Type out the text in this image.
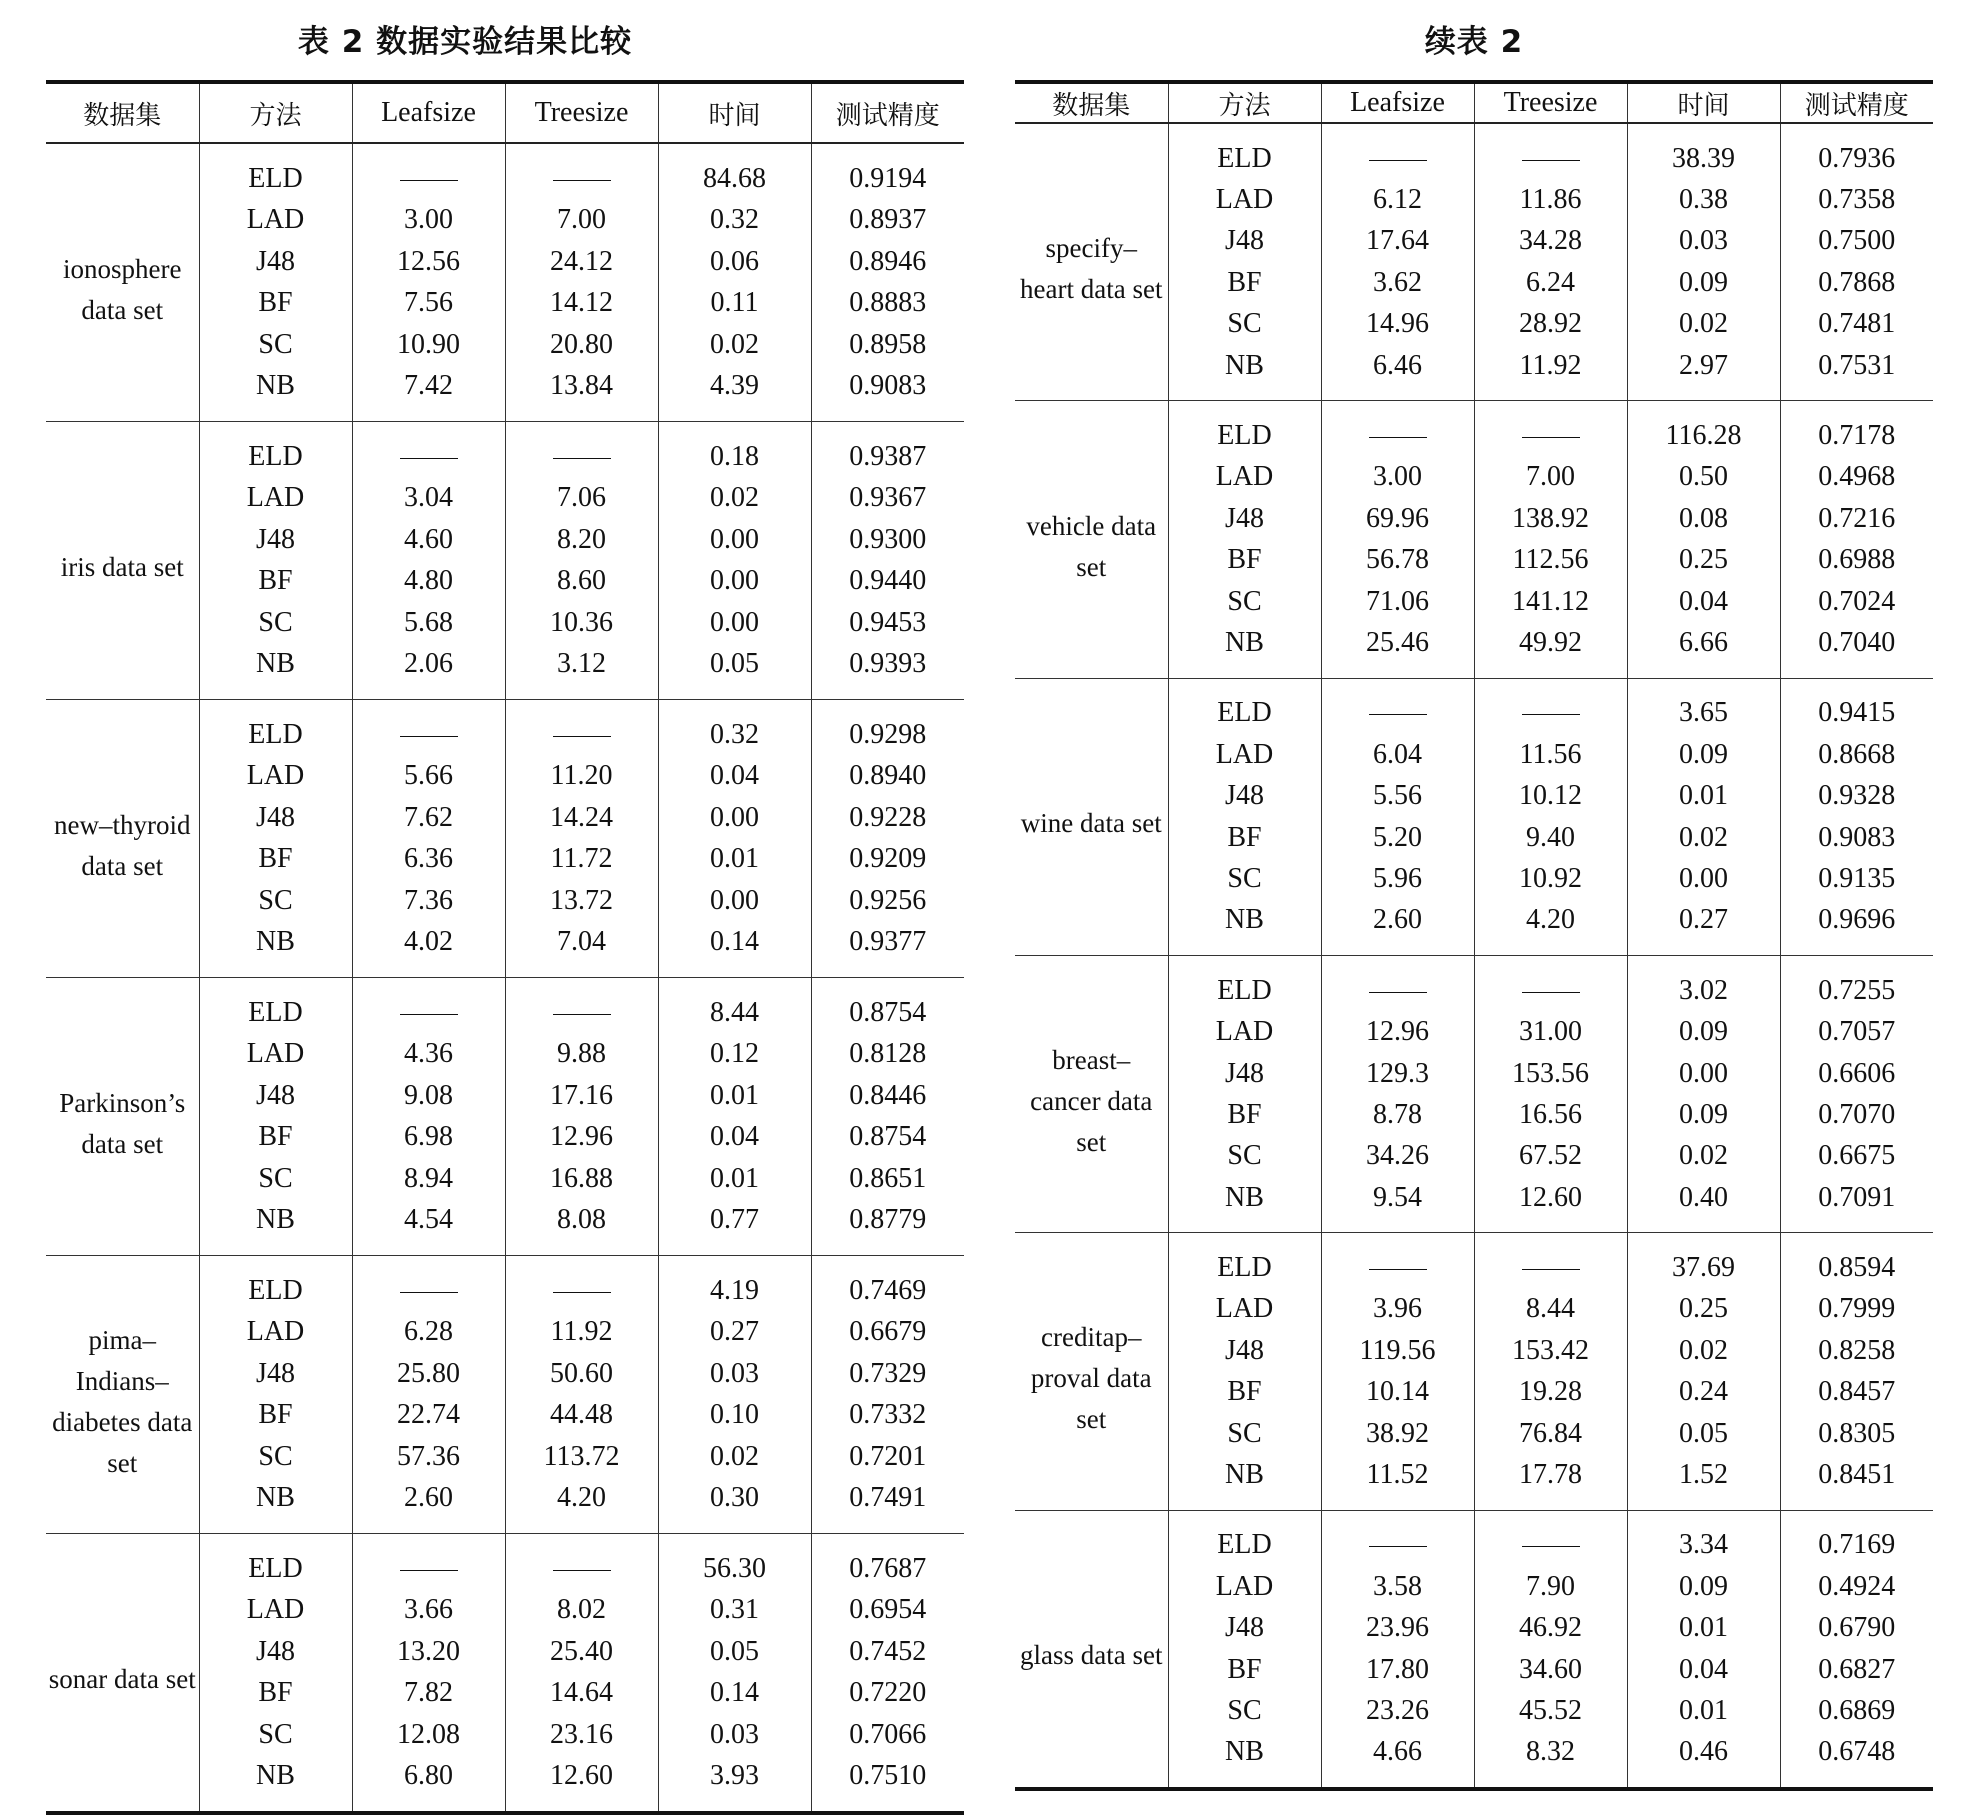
表 2 数据实验结果比较
数据集	方法	Leafsize	Treesize	时间	测试精度
ionosphere data set	ELD			84.68	0.9194
	LAD	3.00	7.00	0.32	0.8937
	J48	12.56	24.12	0.06	0.8946
	BF	7.56	14.12	0.11	0.8883
	SC	10.90	20.80	0.02	0.8958
	NB	7.42	13.84	4.39	0.9083
iris data set	ELD			0.18	0.9387
	LAD	3.04	7.06	0.02	0.9367
	J48	4.60	8.20	0.00	0.9300
	BF	4.80	8.60	0.00	0.9440
	SC	5.68	10.36	0.00	0.9453
	NB	2.06	3.12	0.05	0.9393
new–thyroid data set	ELD			0.32	0.9298
	LAD	5.66	11.20	0.04	0.8940
	J48	7.62	14.24	0.00	0.9228
	BF	6.36	11.72	0.01	0.9209
	SC	7.36	13.72	0.00	0.9256
	NB	4.02	7.04	0.14	0.9377
Parkinson’s data set	ELD			8.44	0.8754
	LAD	4.36	9.88	0.12	0.8128
	J48	9.08	17.16	0.01	0.8446
	BF	6.98	12.96	0.04	0.8754
	SC	8.94	16.88	0.01	0.8651
	NB	4.54	8.08	0.77	0.8779
pima– Indians– diabetes data set	ELD			4.19	0.7469
	LAD	6.28	11.92	0.27	0.6679
	J48	25.80	50.60	0.03	0.7329
	BF	22.74	44.48	0.10	0.7332
	SC	57.36	113.72	0.02	0.7201
	NB	2.60	4.20	0.30	0.7491
sonar data set	ELD			56.30	0.7687
	LAD	3.66	8.02	0.31	0.6954
	J48	13.20	25.40	0.05	0.7452
	BF	7.82	14.64	0.14	0.7220
	SC	12.08	23.16	0.03	0.7066
	NB	6.80	12.60	3.93	0.7510
续表 2
数据集	方法	Leafsize	Treesize	时间	测试精度
specify– heart data set	ELD			38.39	0.7936
	LAD	6.12	11.86	0.38	0.7358
	J48	17.64	34.28	0.03	0.7500
	BF	3.62	6.24	0.09	0.7868
	SC	14.96	28.92	0.02	0.7481
	NB	6.46	11.92	2.97	0.7531
vehicle data set	ELD			116.28	0.7178
	LAD	3.00	7.00	0.50	0.4968
	J48	69.96	138.92	0.08	0.7216
	BF	56.78	112.56	0.25	0.6988
	SC	71.06	141.12	0.04	0.7024
	NB	25.46	49.92	6.66	0.7040
wine data set	ELD			3.65	0.9415
	LAD	6.04	11.56	0.09	0.8668
	J48	5.56	10.12	0.01	0.9328
	BF	5.20	9.40	0.02	0.9083
	SC	5.96	10.92	0.00	0.9135
	NB	2.60	4.20	0.27	0.9696
breast– cancer data set	ELD			3.02	0.7255
	LAD	12.96	31.00	0.09	0.7057
	J48	129.3	153.56	0.00	0.6606
	BF	8.78	16.56	0.09	0.7070
	SC	34.26	67.52	0.02	0.6675
	NB	9.54	12.60	0.40	0.7091
creditap– proval data set	ELD			37.69	0.8594
	LAD	3.96	8.44	0.25	0.7999
	J48	119.56	153.42	0.02	0.8258
	BF	10.14	19.28	0.24	0.8457
	SC	38.92	76.84	0.05	0.8305
	NB	11.52	17.78	1.52	0.8451
glass data set	ELD			3.34	0.7169
	LAD	3.58	7.90	0.09	0.4924
	J48	23.96	46.92	0.01	0.6790
	BF	17.80	34.60	0.04	0.6827
	SC	23.26	45.52	0.01	0.6869
	NB	4.66	8.32	0.46	0.6748
